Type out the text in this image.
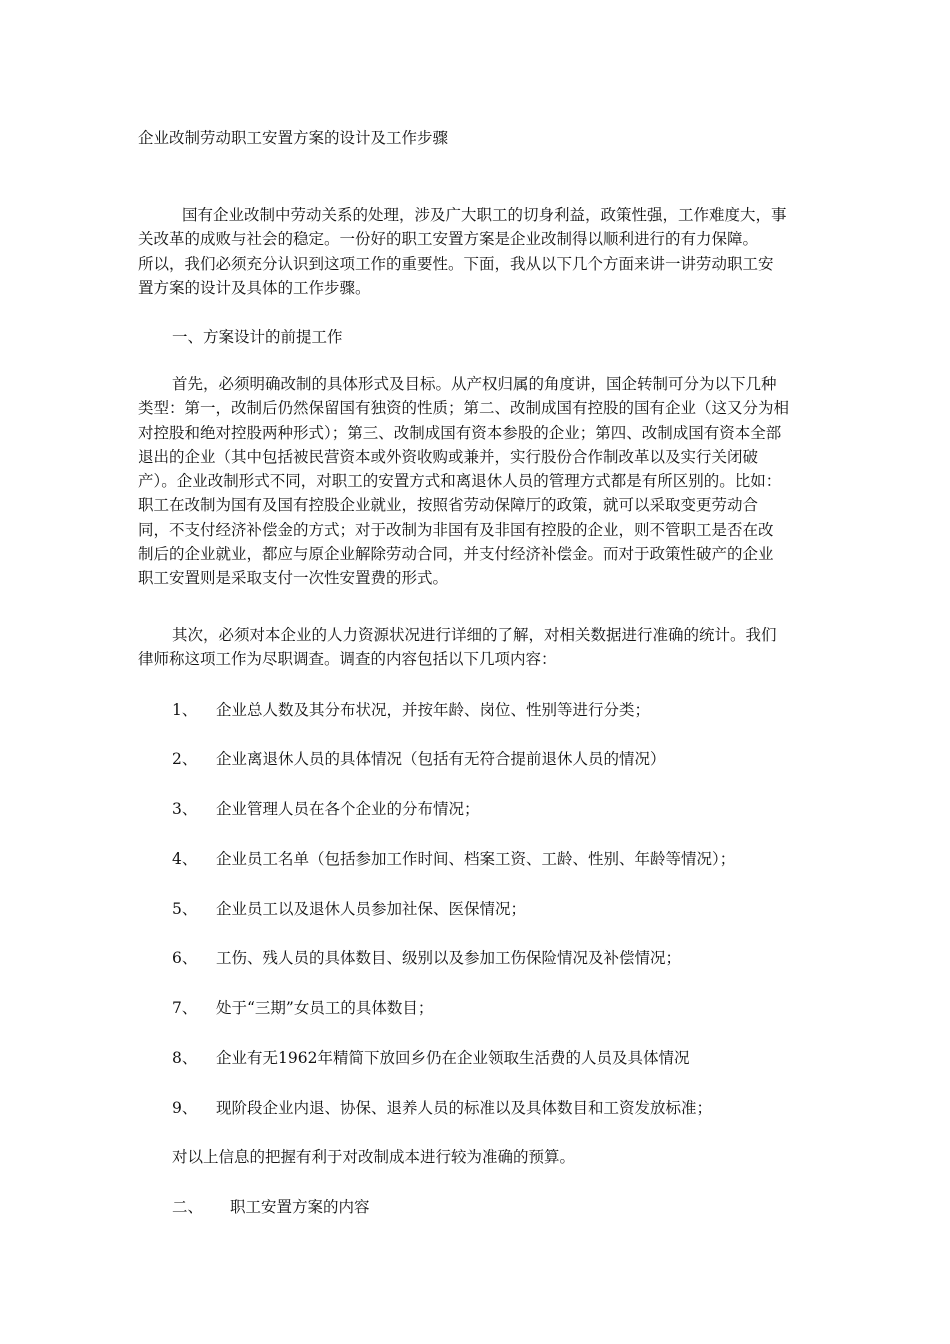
企业改制劳动职工安置方案的设计及工作步骤
国有企业改制中劳动关系的处理，涉及广大职工的切身利益，政策性强，工作难度大，事
关改革的成败与社会的稳定。一份好的职工安置方案是企业改制得以顺利进行的有力保障。
所以，我们必须充分认识到这项工作的重要性。下面，我从以下几个方面来讲一讲劳动职工安
置方案的设计及具体的工作步骤。
一、方案设计的前提工作
首先，必须明确改制的具体形式及目标。从产权归属的角度讲，国企转制可分为以下几种
类型：第一，改制后仍然保留国有独资的性质；第二、改制成国有控股的国有企业（这又分为相
对控股和绝对控股两种形式）；第三、改制成国有资本参股的企业；第四、改制成国有资本全部
退出的企业（其中包括被民营资本或外资收购或兼并，实行股份合作制改革以及实行关闭破
产）。企业改制形式不同，对职工的安置方式和离退休人员的管理方式都是有所区别的。比如：
职工在改制为国有及国有控股企业就业，按照省劳动保障厅的政策，就可以采取变更劳动合
同，不支付经济补偿金的方式；对于改制为非国有及非国有控股的企业，则不管职工是否在改
制后的企业就业，都应与原企业解除劳动合同，并支付经济补偿金。而对于政策性破产的企业
职工安置则是采取支付一次性安置费的形式。
其次，必须对本企业的人力资源状况进行详细的了解，对相关数据进行准确的统计。我们
律师称这项工作为尽职调查。调查的内容包括以下几项内容：
1、 企业总人数及其分布状况，并按年龄、岗位、性别等进行分类；
2、 企业离退休人员的具体情况（包括有无符合提前退休人员的情况）
3、 企业管理人员在各个企业的分布情况；
4、 企业员工名单（包括参加工作时间、档案工资、工龄、性别、年龄等情况）；
5、 企业员工以及退休人员参加社保、医保情况；
6、 工伤、残人员的具体数目、级别以及参加工伤保险情况及补偿情况；
7、 处于“三期”女员工的具体数目；
8、 企业有无1962年精简下放回乡仍在企业领取生活费的人员及具体情况
9、 现阶段企业内退、协保、退养人员的标准以及具体数目和工资发放标准；
对以上信息的把握有利于对改制成本进行较为准确的预算。
二、 职工安置方案的内容
